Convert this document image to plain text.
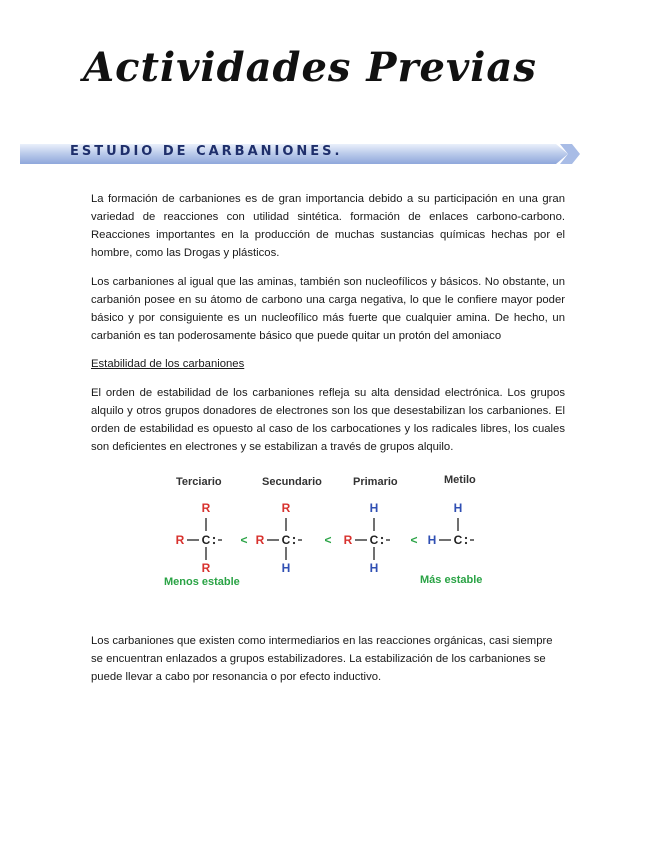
Actividades Previas
ESTUDIO DE CARBANIONES.

La formación de carbaniones es de gran importancia debido a su participación en una gran variedad de reacciones con utilidad sintética. formación de enlaces carbono-carbono. Reacciones importantes en la producción de muchas sustancias químicas hechas por el hombre, como las Drogas y plásticos.

Los carbaniones al igual que las aminas, también son nucleofílicos y básicos. No obstante, un carbanión posee en su átomo de carbono una carga negativa, lo que le confiere mayor poder básico y por consiguiente es un nucleofílico más fuerte que cualquier amina. De hecho, un carbanión es tan poderosamente básico que puede quitar un protón del amoniaco

Estabilidad de los carbaniones

El orden de estabilidad de los carbaniones refleja su alta densidad electrónica. Los grupos alquilo y otros grupos donadores de electrones son los que desestabilizan los carbaniones. El orden de estabilidad es opuesto al caso de los carbocationes y los radicales libres, los cuales son deficientes en electrones y se estabilizan a través de grupos alquilo.

Terciario	Secundario	Primario	Metilo
C
R
R
R
<	C
R
R
H
<	C
R
H
H
<	C
H
H
Menos estable	Más estable

Los carbaniones que existen como intermediarios en las reacciones orgánicas, casi siempre se encuentran enlazados a grupos estabilizadores. La estabilización de los carbaniones se puede llevar a cabo por resonancia o por efecto inductivo.
